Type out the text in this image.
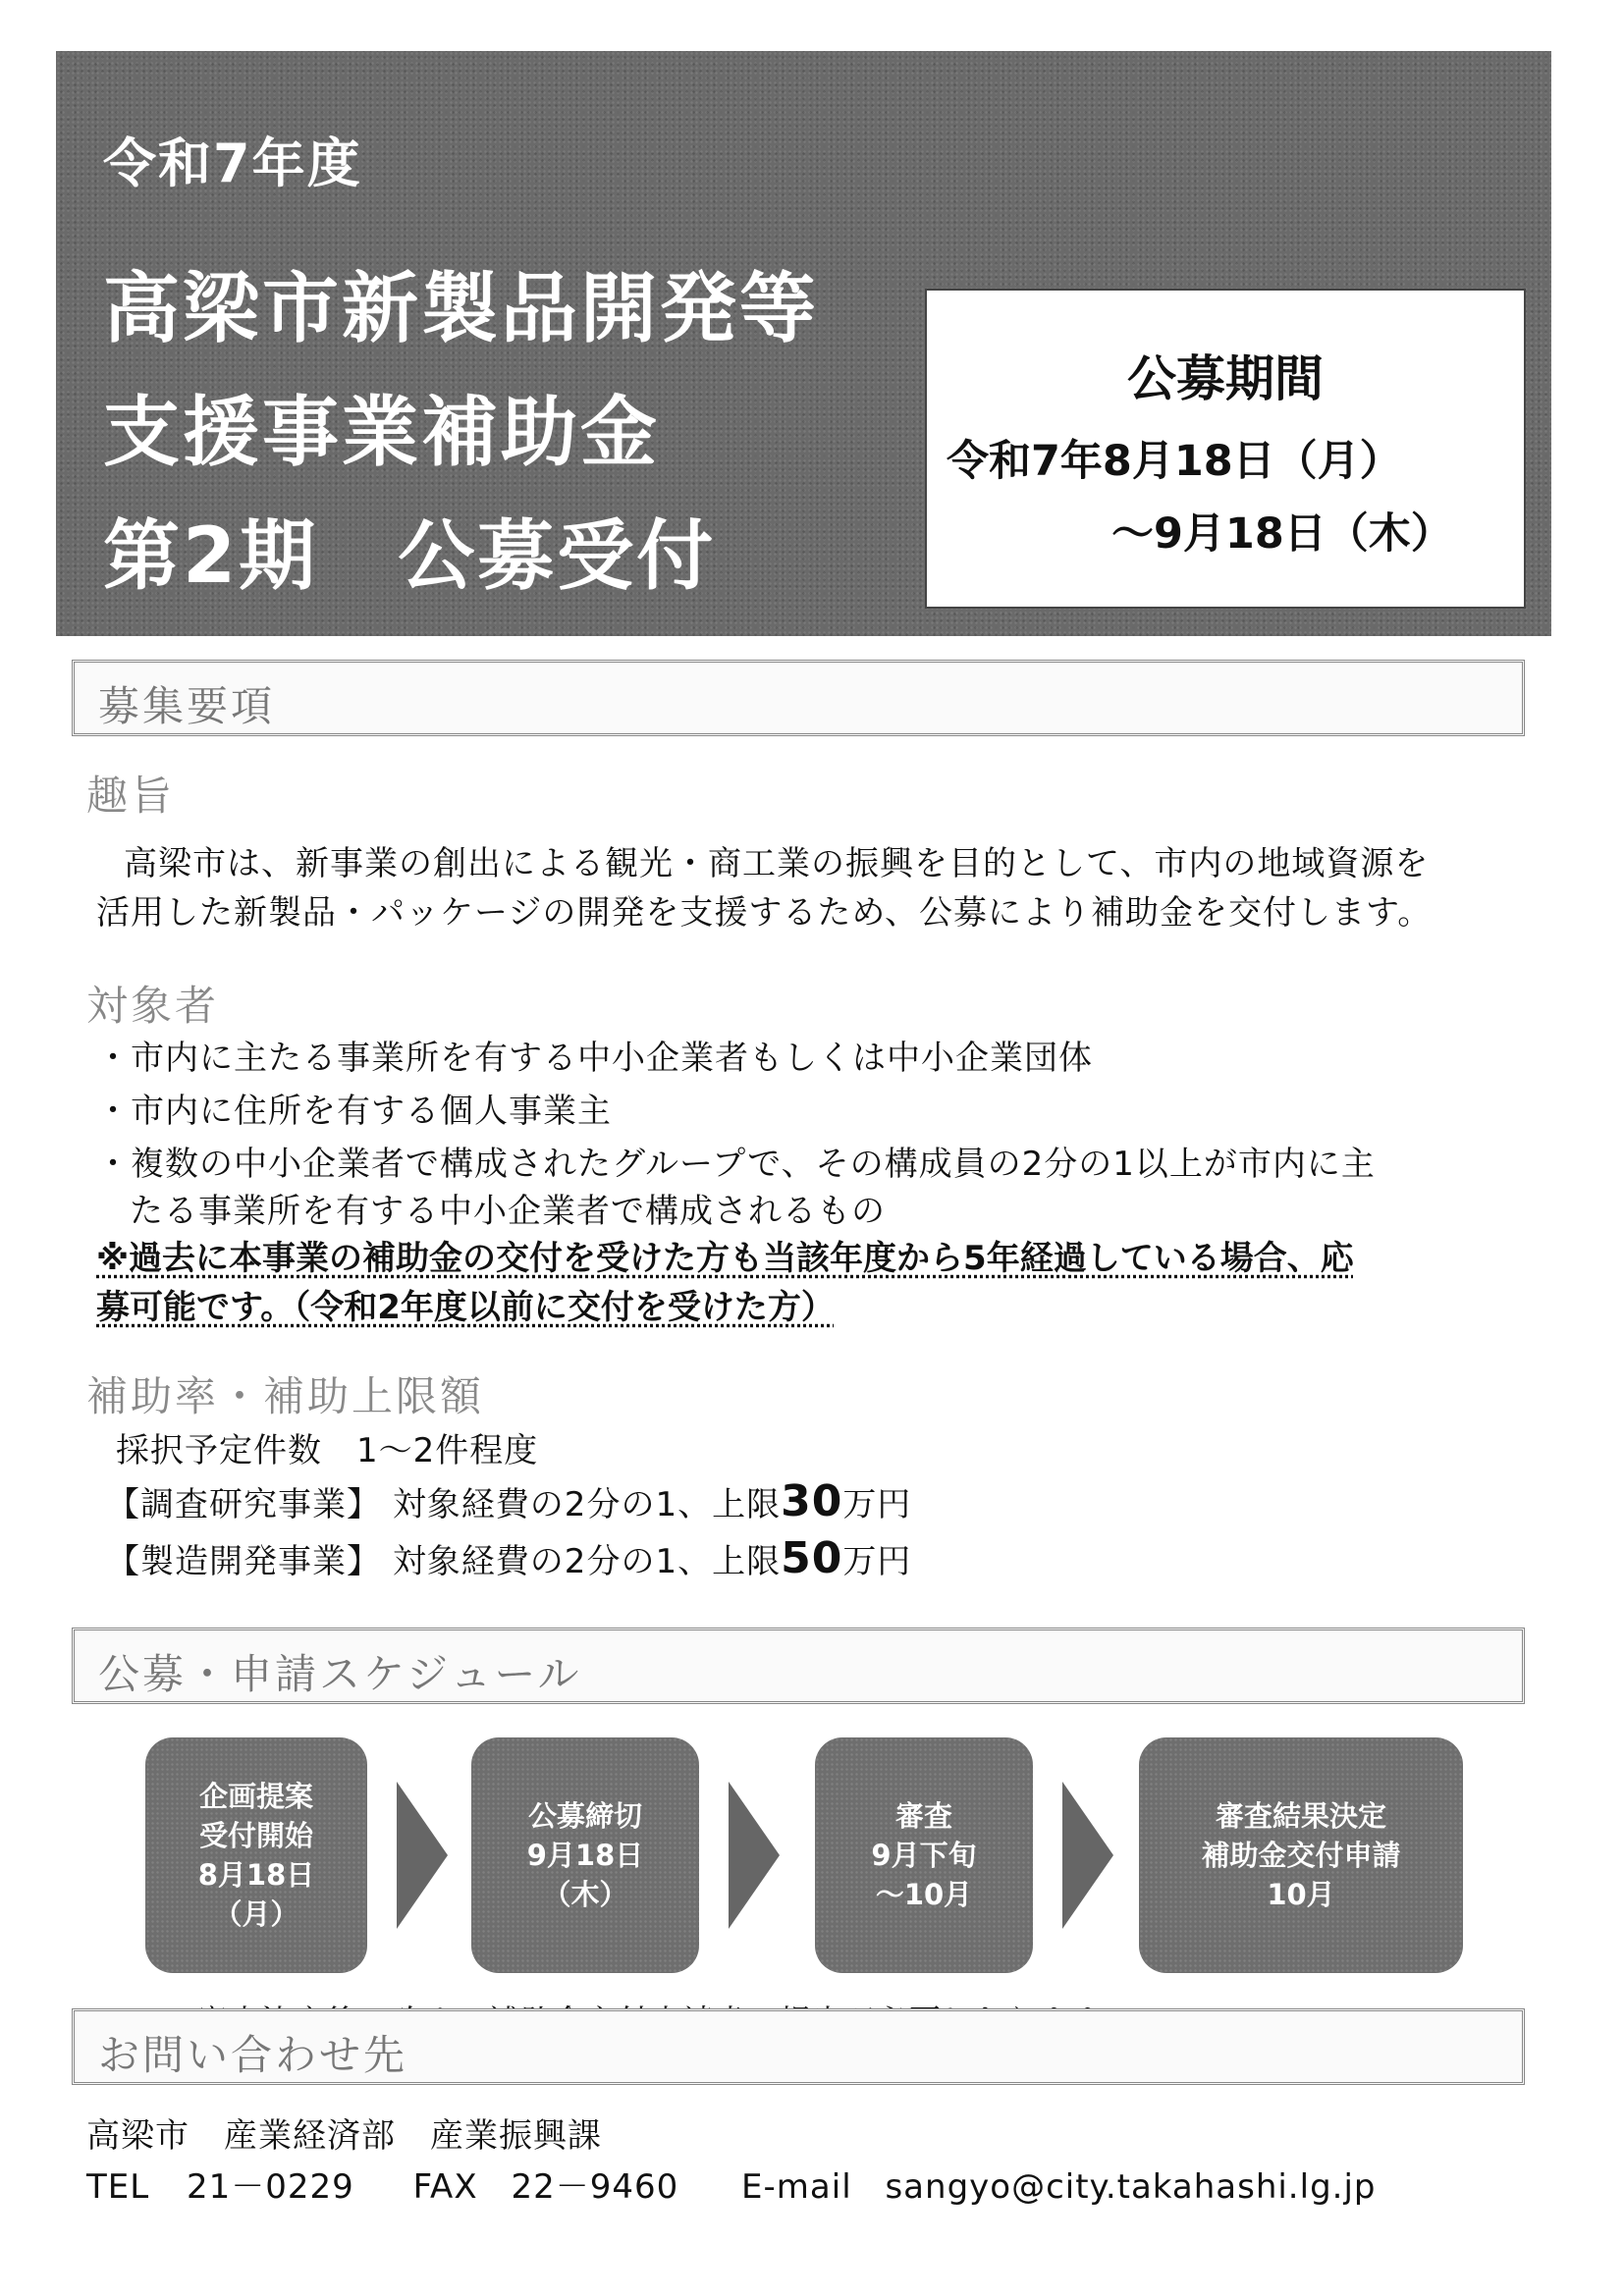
令和7年度
高梁市新製品開発等
支援事業補助金
第2期　公募受付
公募期間
令和7年8月18日（月）
～9月18日（木）
募集要項
趣旨
高梁市は、新事業の創出による観光・商工業の振興を目的として、市内の地域資源を
活用した新製品・パッケージの開発を支援するため、公募により補助金を交付します。
対象者
・市内に主たる事業所を有する中小企業者もしくは中小企業団体
・市内に住所を有する個人事業主
・複数の中小企業者で構成されたグループで、その構成員の2分の1以上が市内に主
たる事業所を有する中小企業者で構成されるもの
※過去に本事業の補助金の交付を受けた方も当該年度から5年経過している場合、応
募可能です。（令和2年度以前に交付を受けた方）
補助率・補助上限額
採択予定件数　1～2件程度
【調査研究事業】 対象経費の2分の1、上限30万円
【製造開発事業】 対象経費の2分の1、上限50万円
公募・申請スケジュール
企画提案
受付開始
8月18日
（月）
公募締切
9月18日
（木）
審査
9月下旬
～10月
審査結果決定
補助金交付申請
10月
お問い合わせ先
高梁市　産業経済部　産業振興課
TEL 21－0229 FAX 22－9460 E-mail sangyo@city.takahashi.lg.jp
